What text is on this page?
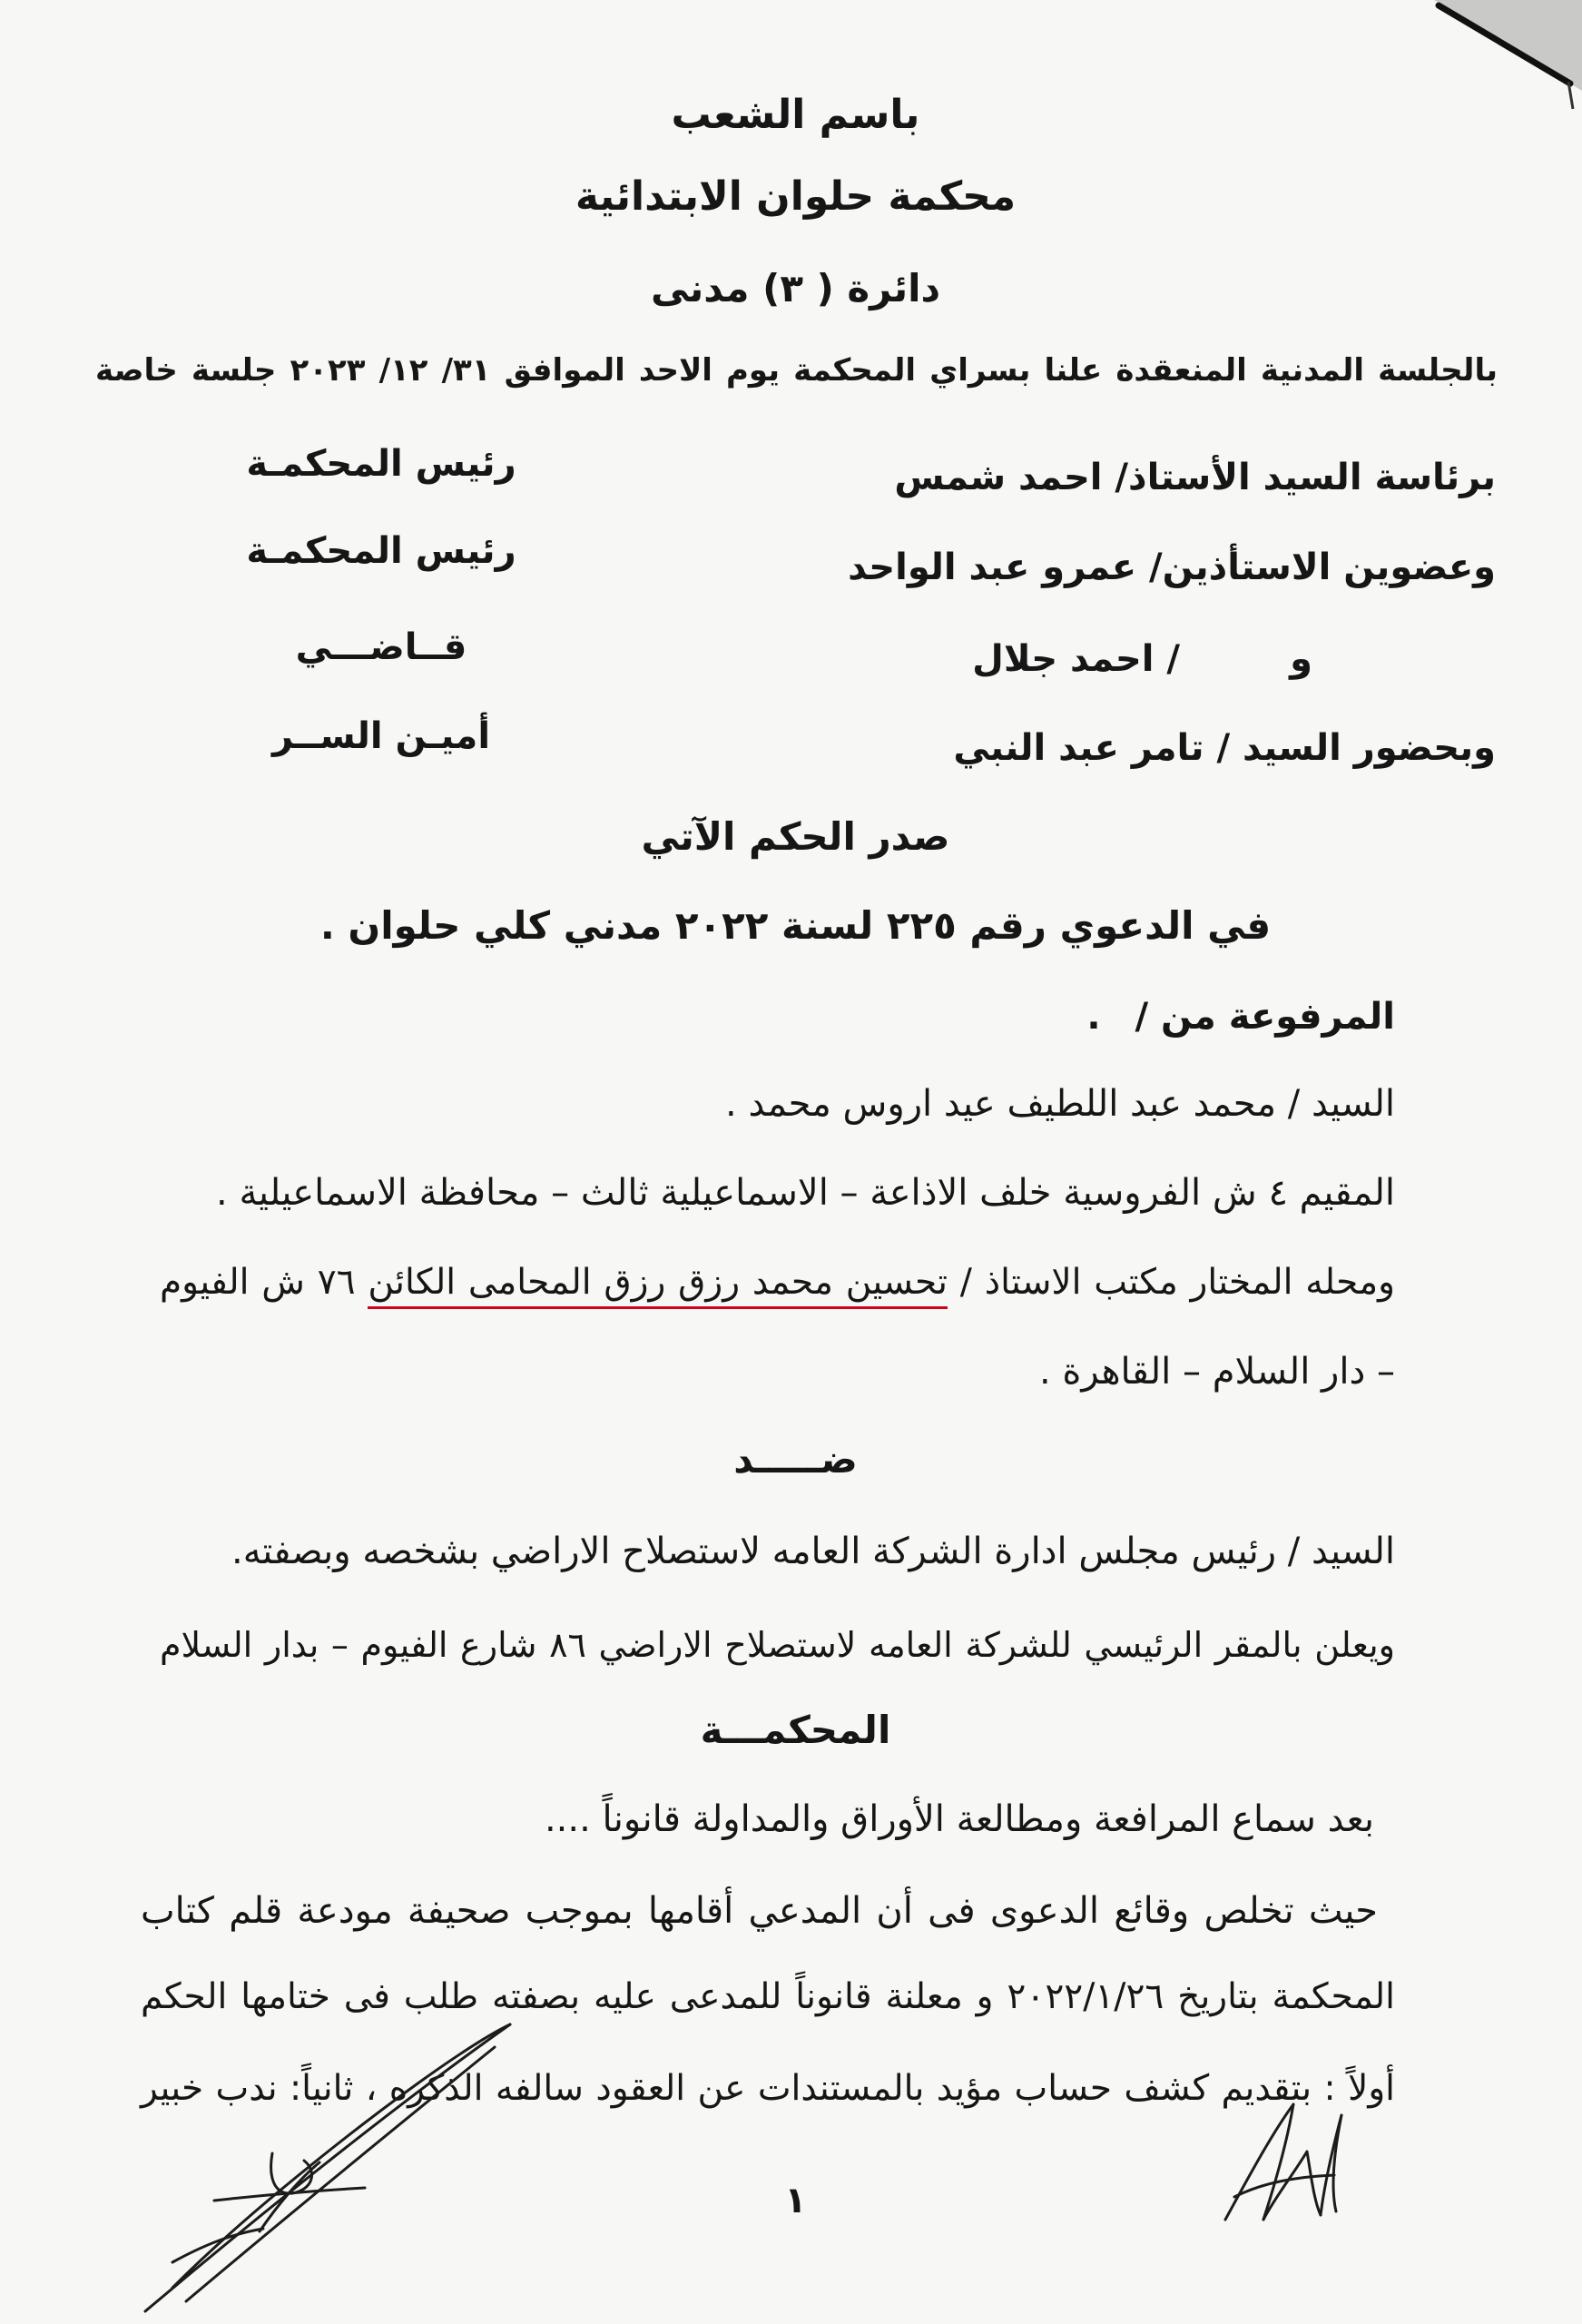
باسم الشعب
محكمة حلوان الابتدائية
دائرة ( ٣) مدنى
بالجلسة المدنية المنعقدة علنا بسراي المحكمة يوم الاحد الموافق ٣١/ ١٢/ ٢٠٢٣ جلسة خاصة
برئاسة السيد الأستاذ/ احمد شمس
وعضوين الاستأذين/ عمرو عبد الواحد
و
/ احمد جلال
وبحضور السيد / تامر عبد النبي
رئيس المحكمـة
رئيس المحكمـة
قــاضـــي
أميـن الســر
صدر الحكم الآتي
في الدعوي رقم ٢٢٥ لسنة ٢٠٢٢ مدني كلي حلوان .
المرفوعة من /
.
السيد / محمد عبد اللطيف عيد اروس محمد .
المقيم ٤ ش الفروسية خلف الاذاعة – الاسماعيلية ثالث – محافظة الاسماعيلية .
ومحله المختار مكتب الاستاذ / تحسين محمد رزق رزق المحامى الكائن ٧٦ ش الفيوم
– دار السلام – القاهرة .
ضـــــد
السيد / رئيس مجلس ادارة الشركة العامه لاستصلاح الاراضي بشخصه وبصفته.
ويعلن بالمقر الرئيسي للشركة العامه لاستصلاح الاراضي ٨٦ شارع الفيوم – بدار السلام
المحكمـــة
بعد سماع المرافعة ومطالعة الأوراق والمداولة قانوناً ....
حيث تخلص وقائع الدعوى فى أن المدعي أقامها بموجب صحيفة مودعة قلم كتاب
المحكمة بتاريخ ٢٠٢٢/١/٢٦ و معلنة قانوناً للمدعى عليه بصفته طلب فى ختامها الحكم
أولاً : بتقديم كشف حساب مؤيد بالمستندات عن العقود سالفه الذكره ، ثانياً: ندب خبير
١
